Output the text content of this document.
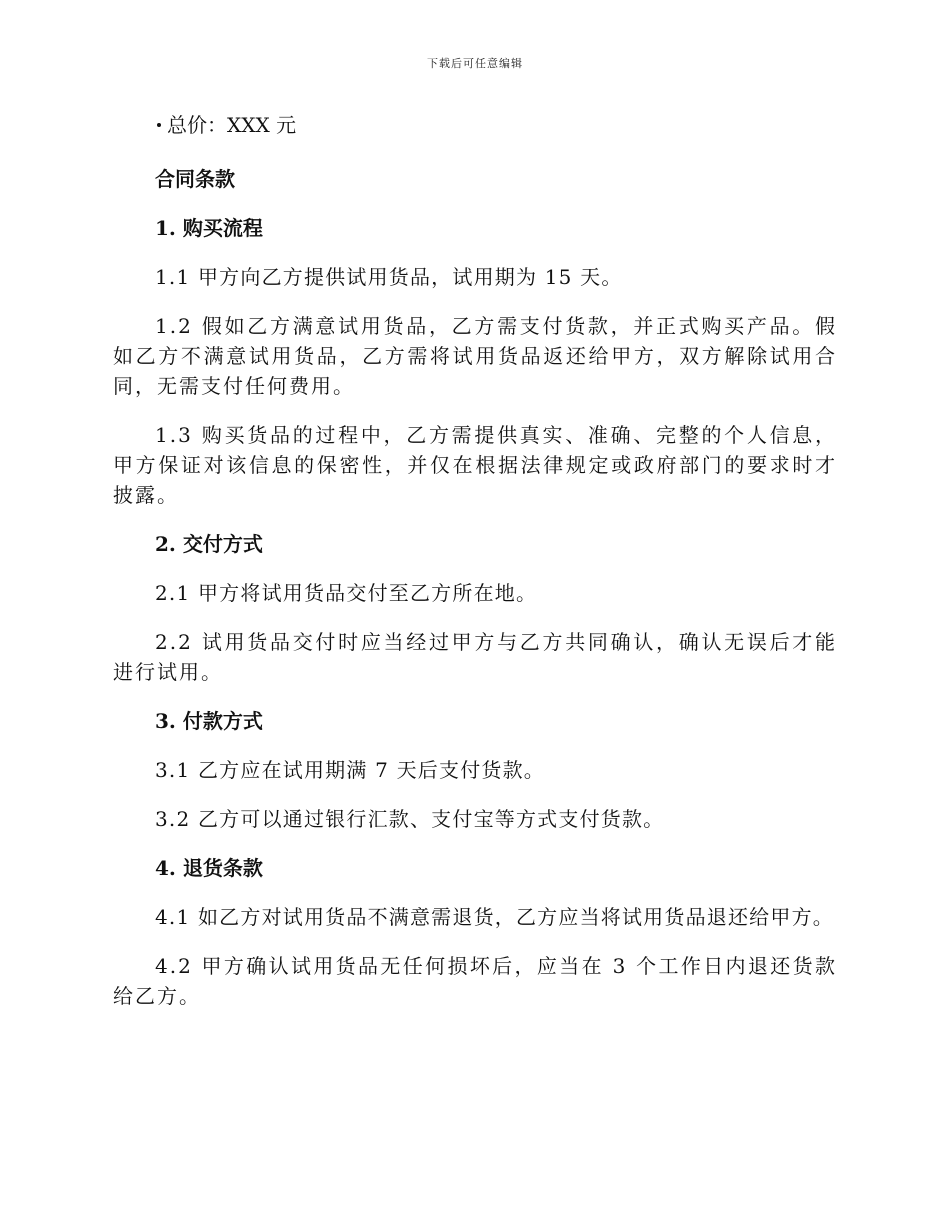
下载后可任意编辑

总价：XXX 元

合同条款

1. 购买流程

1.1 甲方向乙方提供试用货品，试用期为 15 天。

1.2 假如乙方满意试用货品，乙方需支付货款，并正式购买产品。假如乙方不满意试用货品，乙方需将试用货品返还给甲方，双方解除试用合同，无需支付任何费用。

1.3 购买货品的过程中，乙方需提供真实、准确、完整的个人信息，甲方保证对该信息的保密性，并仅在根据法律规定或政府部门的要求时才披露。

2. 交付方式

2.1 甲方将试用货品交付至乙方所在地。

2.2 试用货品交付时应当经过甲方与乙方共同确认，确认无误后才能进行试用。

3. 付款方式

3.1 乙方应在试用期满 7 天后支付货款。

3.2 乙方可以通过银行汇款、支付宝等方式支付货款。

4. 退货条款

4.1 如乙方对试用货品不满意需退货，乙方应当将试用货品退还给甲方。

4.2 甲方确认试用货品无任何损坏后，应当在 3 个工作日内退还货款给乙方。
